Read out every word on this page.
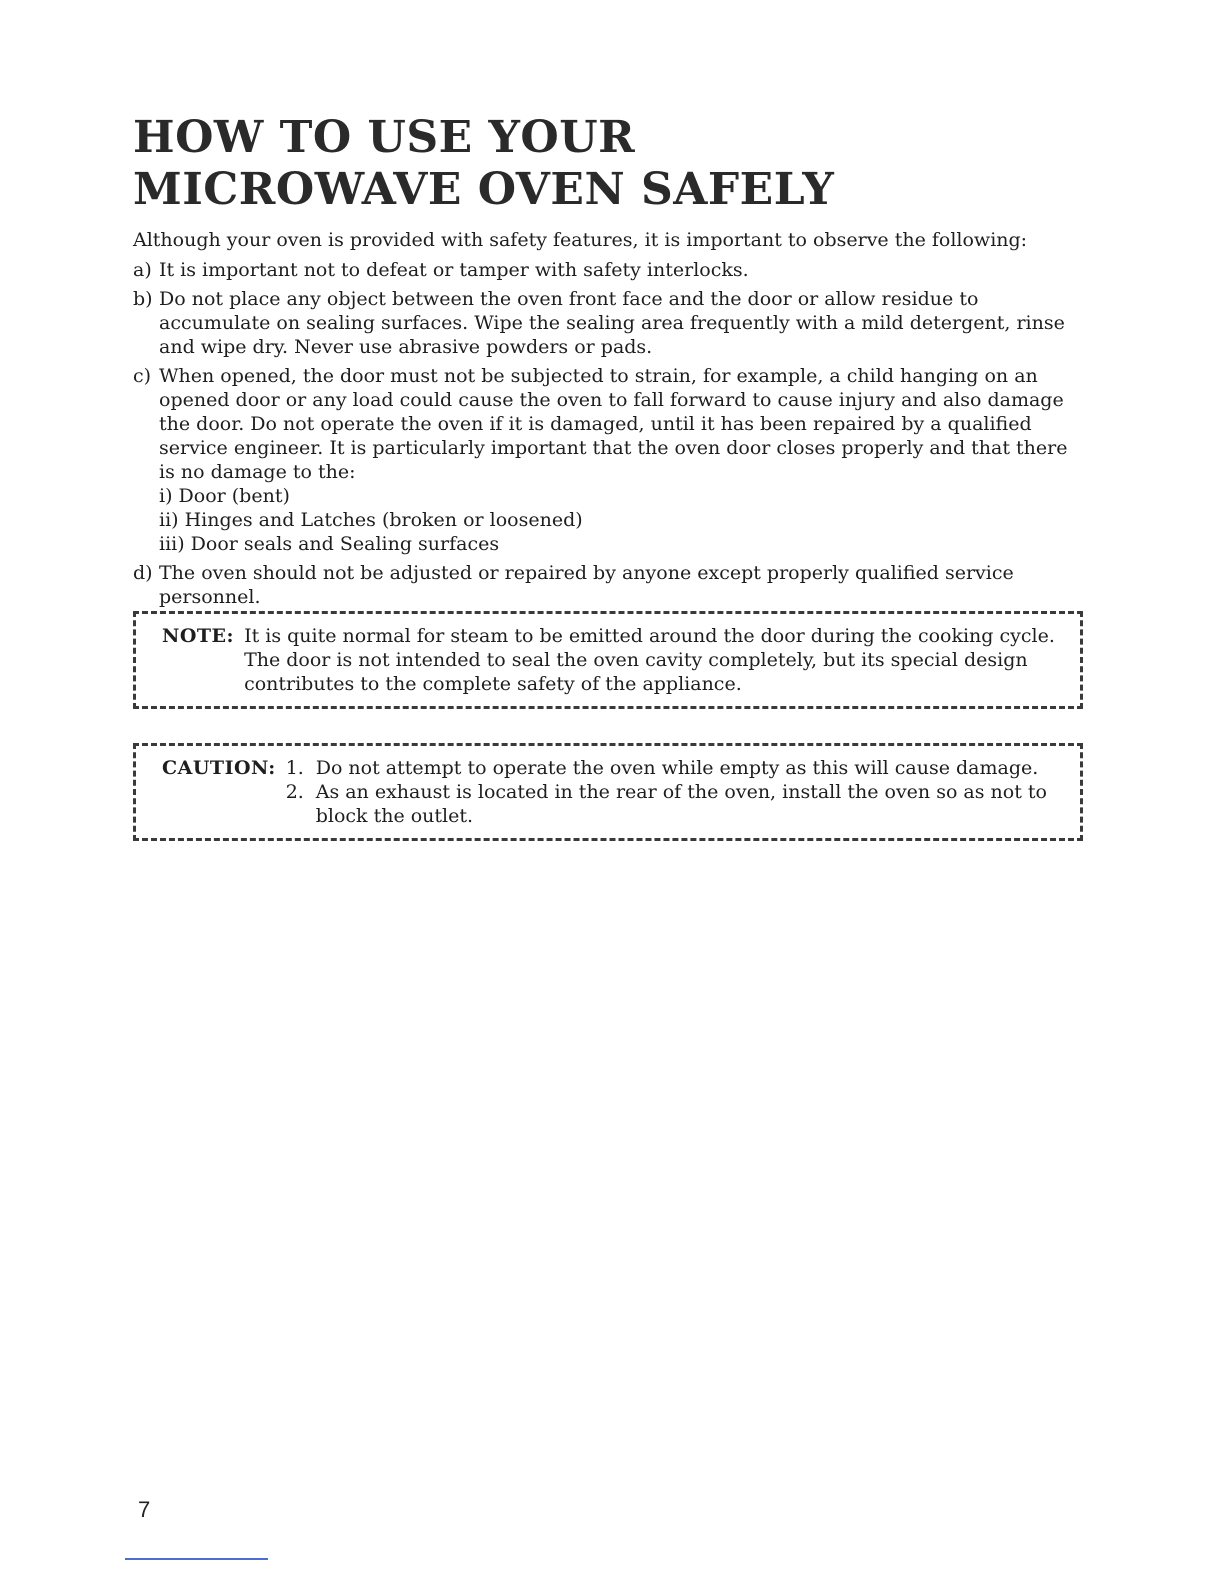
HOW TO USE YOUR MICROWAVE OVEN SAFELY

Although your oven is provided with safety features, it is important to observe the following:

a) It is important not to defeat or tamper with safety interlocks.
b) Do not place any object between the oven front face and the door or allow residue to accumulate on sealing surfaces. Wipe the sealing area frequently with a mild detergent, rinse and wipe dry. Never use abrasive powders or pads.
c) When opened, the door must not be subjected to strain, for example, a child hanging on an opened door or any load could cause the oven to fall forward to cause injury and also damage the door. Do not operate the oven if it is damaged, until it has been repaired by a qualified service engineer. It is particularly important that the oven door closes properly and that there is no damage to the:
i) Door (bent)
ii) Hinges and Latches (broken or loosened)
iii) Door seals and Sealing surfaces
d) The oven should not be adjusted or repaired by anyone except properly qualified service personnel.
NOTE: It is quite normal for steam to be emitted around the door during the cooking cycle. The door is not intended to seal the oven cavity completely, but its special design contributes to the complete safety of the appliance.
CAUTION: 1. Do not attempt to operate the oven while empty as this will cause damage.
2. As an exhaust is located in the rear of the oven, install the oven so as not to block the outlet.
7
